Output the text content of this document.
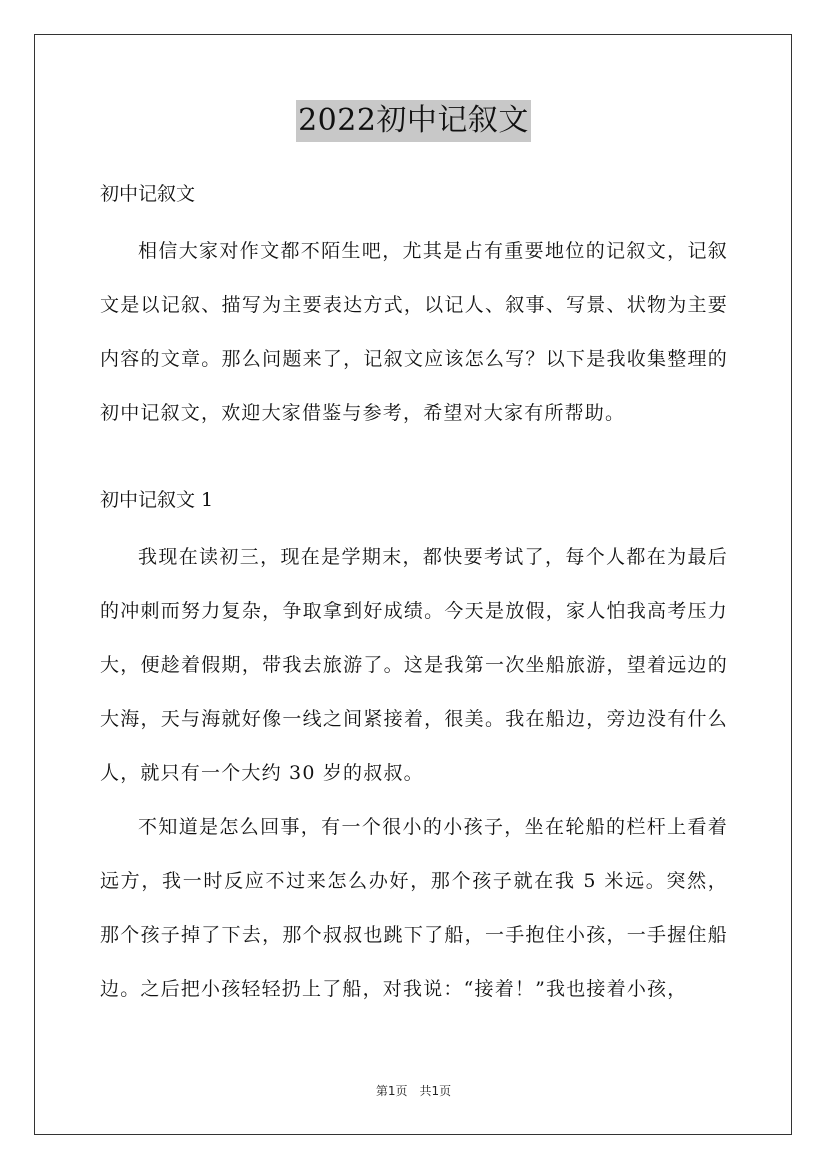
2022初中记叙文

初中记叙文

相信大家对作文都不陌生吧，尤其是占有重要地位的记叙文，记叙文是以记叙、描写为主要表达方式，以记人、叙事、写景、状物为主要内容的文章。那么问题来了，记叙文应该怎么写？以下是我收集整理的初中记叙文，欢迎大家借鉴与参考，希望对大家有所帮助。

初中记叙文 1

我现在读初三，现在是学期末，都快要考试了，每个人都在为最后的冲刺而努力复杂，争取拿到好成绩。今天是放假，家人怕我高考压力大，便趁着假期，带我去旅游了。这是我第一次坐船旅游，望着远边的大海，天与海就好像一线之间紧接着，很美。我在船边，旁边没有什么人，就只有一个大约 30 岁的叔叔。

不知道是怎么回事，有一个很小的小孩子，坐在轮船的栏杆上看着远方，我一时反应不过来怎么办好，那个孩子就在我 5 米远。突然，那个孩子掉了下去，那个叔叔也跳下了船，一手抱住小孩，一手握住船边。之后把小孩轻轻扔上了船，对我说：“接着！”我也接着小孩，

第1页 共1页
